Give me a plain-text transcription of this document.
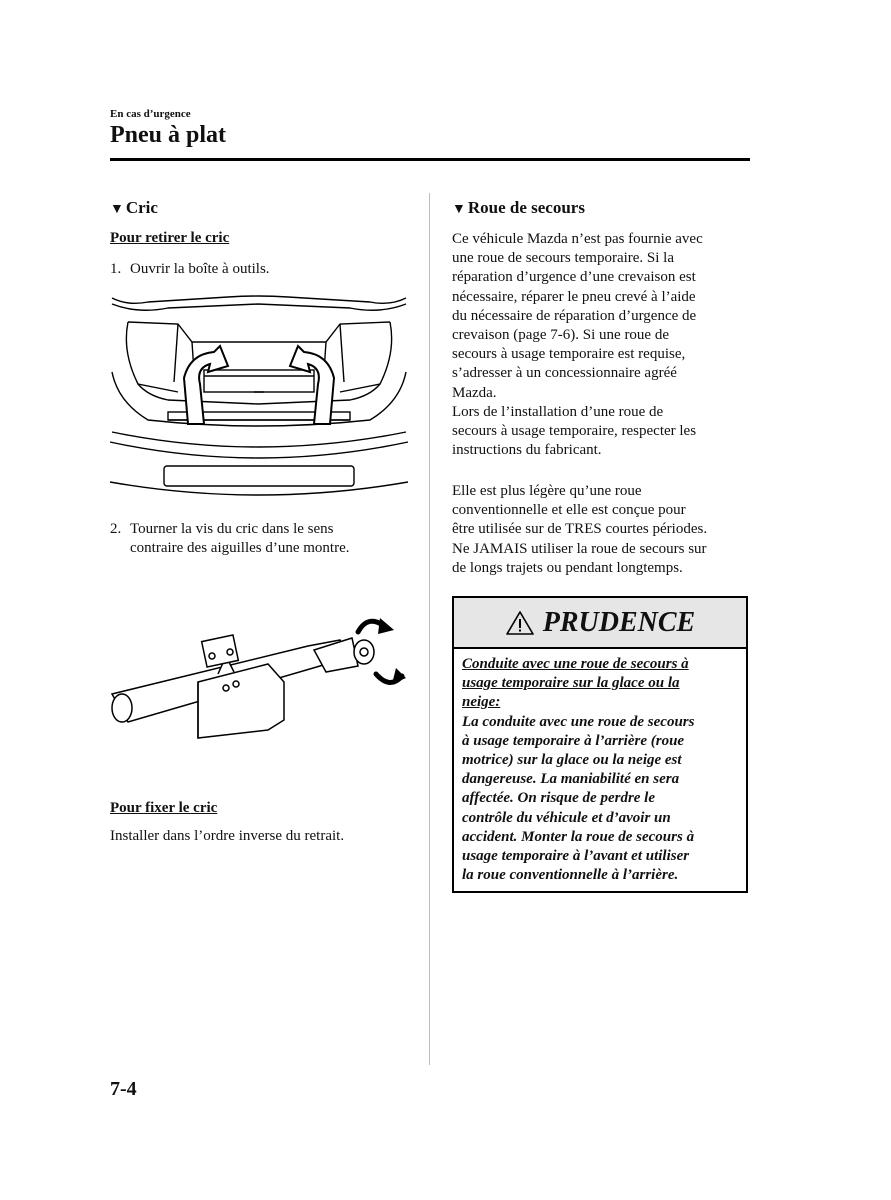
En cas d’urgence
Pneu à plat
▼ Cric
Pour retirer le cric
1. Ouvrir la boîte à outils.
2. Tourner la vis du cric dans le sens
contraire des aiguilles d’une montre.
Pour fixer le cric
Installer dans l’ordre inverse du retrait.
▼ Roue de secours
Ce véhicule Mazda n’est pas fournie avec
une roue de secours temporaire. Si la
réparation d’urgence d’une crevaison est
nécessaire, réparer le pneu crevé à l’aide
du nécessaire de réparation d’urgence de
crevaison (page 7-6). Si une roue de
secours à usage temporaire est requise,
s’adresser à un concessionnaire agréé
Mazda.
Lors de l’installation d’une roue de
secours à usage temporaire, respecter les
instructions du fabricant.
Elle est plus légère qu’une roue
conventionnelle et elle est conçue pour
être utilisée sur de TRES courtes périodes.
Ne JAMAIS utiliser la roue de secours sur
de longs trajets ou pendant longtemps.
PRUDENCE
Conduite avec une roue de secours à
usage temporaire sur la glace ou la
neige:
La conduite avec une roue de secours
à usage temporaire à l’arrière (roue
motrice) sur la glace ou la neige est
dangereuse. La maniabilité en sera
affectée. On risque de perdre le
contrôle du véhicule et d’avoir un
accident. Monter la roue de secours à
usage temporaire à l’avant et utiliser
la roue conventionnelle à l’arrière.
7-4
